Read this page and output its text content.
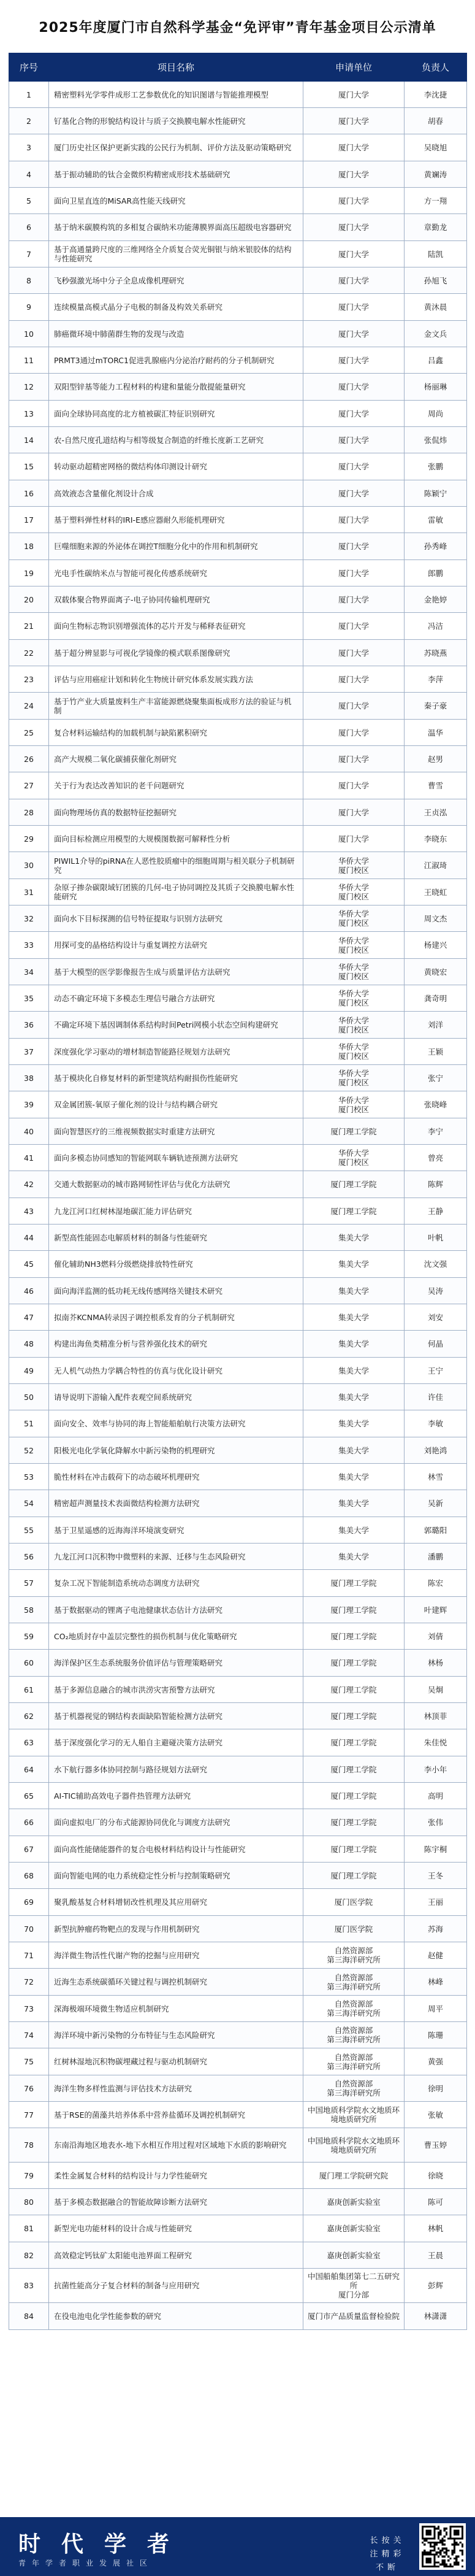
2025年度厦门市自然科学基金“免评审”青年基金项目公示清单
序号	项目名称	申请单位	负责人
1	精密塑料光学零件成形工艺参数优化的知识图谱与智能推理模型	厦门大学	李沈捷
2	钌基化合物的形貌结构设计与质子交换膜电解水性能研究	厦门大学	胡春
3	厦门历史社区保护更新实践的公民行为机制、评价方法及驱动策略研究	厦门大学	吴晓旭
4	基于振动辅助的钛合金微织构精密成形技术基础研究	厦门大学	黄斓涛
5	面向卫星直连的MiSAR高性能天线研究	厦门大学	方一翔
6	基于纳米碳膜构筑的多相复合碳纳米功能薄膜界面高压超级电容器研究	厦门大学	章勤龙
7	基于高通量跨尺度的三维网络全介质复合荧光铜银与纳米银胶体的结构与性能研究	厦门大学	陆凯
8	飞秒强激光场中分子全息成像机理研究	厦门大学	孙旭飞
9	连续模量高模式晶分子电极的制备及构效关系研究	厦门大学	黄沐晨
10	肺癌微环境中肺菌群生物的发现与改造	厦门大学	金文兵
11	PRMT3通过mTORC1促进乳腺癌内分泌治疗耐药的分子机制研究	厦门大学	吕鑫
12	双阳型锌基等能力工程材料的构建和量能分散提能量研究	厦门大学	杨丽琳
13	面向全球协同高度的北方植被碳汇特征识别研究	厦门大学	周尚
14	农-自然尺度孔道结构与相等级复合制造的纤维长度新工艺研究	厦门大学	张侃炜
15	转动驱动超精密网格的微结构体印测设计研究	厦门大学	张鹏
16	高效液态含量催化剂设计合成	厦门大学	陈颖宁
17	基于塑料弹性材料的IRI-E感应器耐久形能机理研究	厦门大学	雷敏
18	巨噬细胞来源的外泌体在调控T细胞分化中的作用和机制研究	厦门大学	孙秀峰
19	光电手性碳纳米点与智能可视化传感系统研究	厦门大学	郎鹏
20	双载体聚合物界面离子-电子协同传输机理研究	厦门大学	金艳婷
21	面向生物标志物识别增强流体的芯片开发与稀释表征研究	厦门大学	冯洁
22	基于超分辨显影与可视化学镜像的模式联系图像研究	厦门大学	苏晓燕
23	评估与应用癌症计划和转化生物统计研究体系发展实践方法	厦门大学	李萍
24	基于竹产业大质量废料生产丰富能源燃烧聚集面板成形方法的验证与机制	厦门大学	秦子豪
25	复合材料运输结构的加载机制与缺陷累积研究	厦门大学	温华
26	高产大规模二氧化碳捕获催化剂研究	厦门大学	赵男
27	关于行为表达改善知识的老千问题研究	厦门大学	曹雪
28	面向物理场仿真的数据特征挖掘研究	厦门大学	王贞泓
29	面向目标检测应用模型的大规模图数据可解释性分析	厦门大学	李晓东
30	PIWIL1介导的piRNA在人恶性胶质瘤中的细胞周期与相关联分子机制研究	华侨大学
厦门校区	江淑琦
31	杂原子掺杂碳限域钌团簇的几何-电子协同调控及其质子交换膜电解水性能研究	华侨大学
厦门校区	王晓虹
32	面向水下目标探测的信号特征提取与识别方法研究	华侨大学
厦门校区	周文杰
33	用探可变的晶格结构设计与重复调控方法研究	华侨大学
厦门校区	杨建兴
34	基于大模型的医学影像报告生成与质量评估方法研究	华侨大学
厦门校区	黄晓宏
35	动态不确定环境下多模态生理信号融合方法研究	华侨大学
厦门校区	龚奇明
36	不确定环境下基因调制体系结构时间Petri网模小状态空间构建研究	华侨大学
厦门校区	刘洋
37	深度强化学习驱动的增材制造智能路径规划方法研究	华侨大学
厦门校区	王颖
38	基于模块化自修复材料的新型建筑结构耐损伤性能研究	华侨大学
厦门校区	张宁
39	双金属团簇-氧原子催化剂的设计与结构耦合研究	华侨大学
厦门校区	张晓峰
40	面向智慧医疗的三维视频数据实时重建方法研究	厦门理工学院	李宁
41	面向多模态协同感知的智能网联车辆轨迹预测方法研究	华侨大学
厦门校区	曾亮
42	交通大数据驱动的城市路网韧性评估与优化方法研究	厦门理工学院	陈辉
43	九龙江河口红树林湿地碳汇能力评估研究	厦门理工学院	王静
44	新型高性能固态电解质材料的制备与性能研究	集美大学	叶帆
45	催化辅助NH3燃料分级燃烧排放特性研究	集美大学	沈文强
46	面向海洋监测的低功耗无线传感网络关键技术研究	集美大学	吴涛
47	拟南芥KCNMA转录因子调控根系发育的分子机制研究	集美大学	刘安
48	构建出海鱼类精准分析与营养强化技术的研究	集美大学	何晶
49	无人机气动热力学耦合特性的仿真与优化设计研究	集美大学	王宁
50	请导说明下游输入配件表观空间系统研究	集美大学	许佳
51	面向安全、效率与协同的海上智能船舶航行决策方法研究	集美大学	李敏
52	阳极光电化学氧化降解水中新污染物的机理研究	集美大学	刘艳鸿
53	脆性材料在冲击载荷下的动态破坏机理研究	集美大学	林雪
54	精密超声测量技术表面微结构检测方法研究	集美大学	吴新
55	基于卫星遥感的近海海洋环境演变研究	集美大学	郭璐阳
56	九龙江河口沉积物中微塑料的来源、迁移与生态风险研究	集美大学	潘鹏
57	复杂工况下智能制造系统动态调度方法研究	厦门理工学院	陈宏
58	基于数据驱动的锂离子电池健康状态估计方法研究	厦门理工学院	叶建辉
59	CO₂地质封存中盖层完整性的损伤机制与优化策略研究	厦门理工学院	刘倩
60	海洋保护区生态系统服务价值评估与管理策略研究	厦门理工学院	林杨
61	基于多源信息融合的城市洪涝灾害预警方法研究	厦门理工学院	吴炯
62	基于机器视觉的钢结构表面缺陷智能检测方法研究	厦门理工学院	林顶菲
63	基于深度强化学习的无人船自主避碰决策方法研究	厦门理工学院	朱佳悦
64	水下航行器多体协同控制与路径规划方法研究	厦门理工学院	李小年
65	AI-TIC辅助高效电子器件热管理方法研究	厦门理工学院	高明
66	面向虚拟电厂的分布式能源协同优化与调度方法研究	厦门理工学院	张伟
67	面向高性能储能器件的复合电极材料结构设计与性能研究	厦门理工学院	陈宇桐
68	面向智能电网的电力系统稳定性分析与控制策略研究	厦门理工学院	王冬
69	聚乳酸基复合材料增韧改性机理及其应用研究	厦门医学院	王丽
70	新型抗肿瘤药物靶点的发现与作用机制研究	厦门医学院	苏海
71	海洋微生物活性代谢产物的挖掘与应用研究	自然资源部
第三海洋研究所	赵健
72	近海生态系统碳循环关键过程与调控机制研究	自然资源部
第三海洋研究所	林峰
73	深海极端环境微生物适应机制研究	自然资源部
第三海洋研究所	周平
74	海洋环境中新污染物的分布特征与生态风险研究	自然资源部
第三海洋研究所	陈珊
75	红树林湿地沉积物碳埋藏过程与驱动机制研究	自然资源部
第三海洋研究所	黄强
76	海洋生物多样性监测与评估技术方法研究	自然资源部
第三海洋研究所	徐明
77	基于RSE的菌藻共培养体系中营养盐循环及调控机制研究	中国地质科学院水文地质环境地质研究所	张敏
78	东南沿海地区地表水-地下水相互作用过程对区域地下水质的影响研究	中国地质科学院水文地质环境地质研究所	曹玉婷
79	柔性金属复合材料的结构设计与力学性能研究	厦门理工学院研究院	徐晓
80	基于多模态数据融合的智能故障诊断方法研究	嘉庚创新实验室	陈可
81	新型光电功能材料的设计合成与性能研究	嘉庚创新实验室	林帆
82	高效稳定钙钛矿太阳能电池界面工程研究	嘉庚创新实验室	王晨
83	抗菌性能高分子复合材料的制备与应用研究	中国船舶集团第七二五研究所
厦门分部	彭辉
84	在役电池电化学性能参数的研究	厦门市产品质量监督检验院	林潇潇
时代学者
青年学者职业发展社区
长按关注精彩不断
